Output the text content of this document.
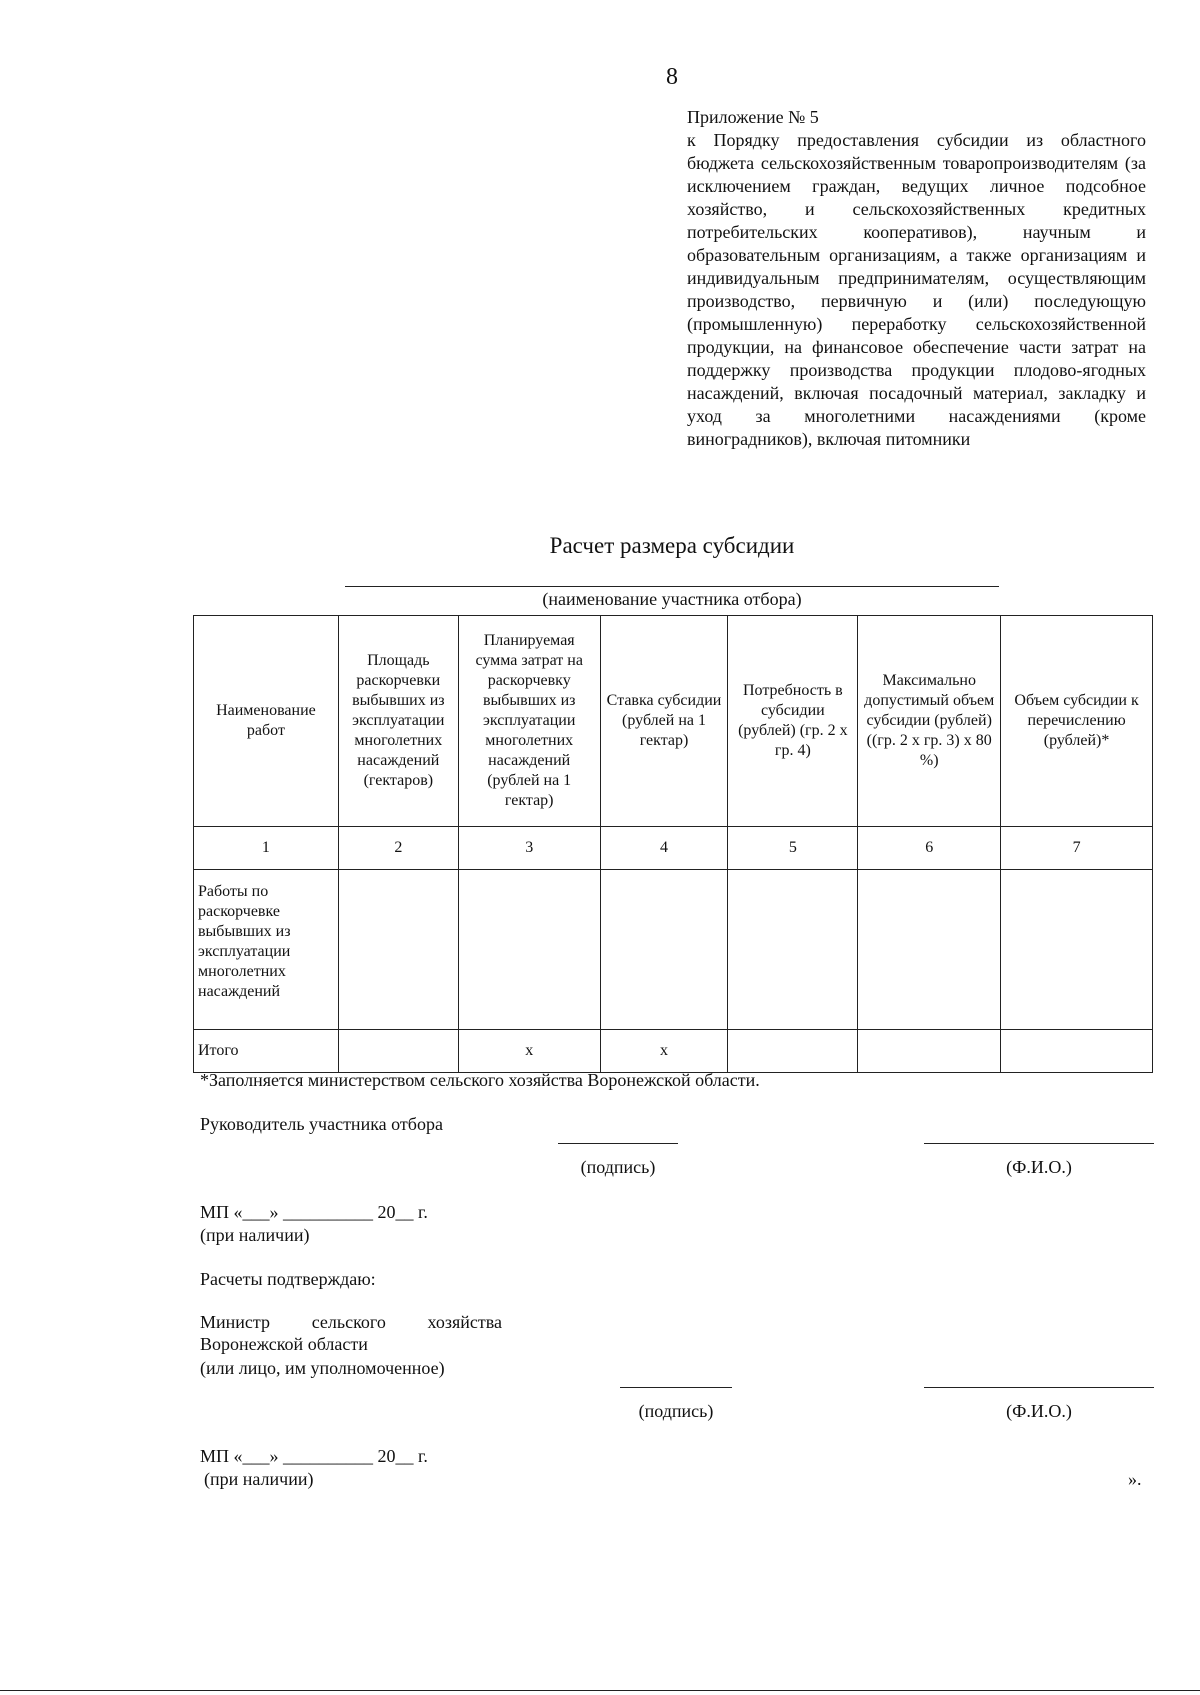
8
Приложение № 5
к Порядку предоставления субсидии из областного бюджета сельскохозяйственным товаропроизводителям (за исключением граждан, ведущих личное подсобное хозяйство, и сельскохозяйственных кредитных потребительских кооперативов), научным и образовательным организациям, а также организациям и индивидуальным предпринимателям, осуществляющим производство, первичную и (или) последующую (промышленную) переработку сельскохозяйственной продукции, на финансовое обеспечение части затрат на поддержку производства продукции плодово-ягодных насаждений, включая посадочный материал, закладку и уход за многолетними насаждениями (кроме виноградников), включая питомники
Расчет размера субсидии
(наименование участника отбора)
Наименование работ	Площадь раскорчевки выбывших из эксплуатации многолетних насаждений (гектаров)	Планируемая сумма затрат на раскорчевку выбывших из эксплуатации многолетних насаждений (рублей на 1 гектар)	Ставка субсидии (рублей на 1 гектар)	Потребность в субсидии (рублей) (гр. 2 х гр. 4)	Максимально допустимый объем субсидии (рублей) ((гр. 2 х гр. 3) х 80 %)	Объем субсидии к перечислению (рублей)*
1	2	3	4	5	6	7
Работы по раскорчевке выбывших из эксплуатации многолетних насаждений						
Итого		х	х			
*Заполняется министерством сельского хозяйства Воронежской области.
Руководитель участника отбора
(подпись)	(Ф.И.О.)
МП «___» __________ 20__ г.
(при наличии)
Расчеты подтверждаю:
Министр сельского хозяйства Воронежской области
(или лицо, им уполномоченное)
(подпись)	(Ф.И.О.)
МП «___» __________ 20__ г.
(при наличии)	».
